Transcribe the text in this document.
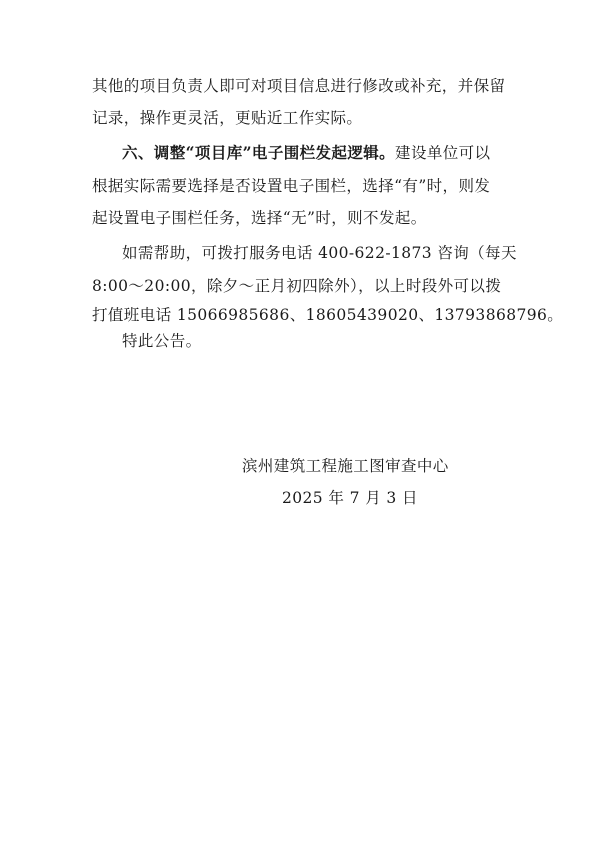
其他的项目负责人即可对项目信息进行修改或补充，并保留
记录，操作更灵活，更贴近工作实际。
六、调整“项目库”电子围栏发起逻辑。建设单位可以
根据实际需要选择是否设置电子围栏，选择“有”时，则发
起设置电子围栏任务，选择“无”时，则不发起。
如需帮助，可拨打服务电话 400-622-1873 咨询（每天
8:00～20:00，除夕～正月初四除外），以上时段外可以拨
打值班电话 15066985686、18605439020、13793868796。
特此公告。
滨州建筑工程施工图审查中心
2025 年 7 月 3 日
